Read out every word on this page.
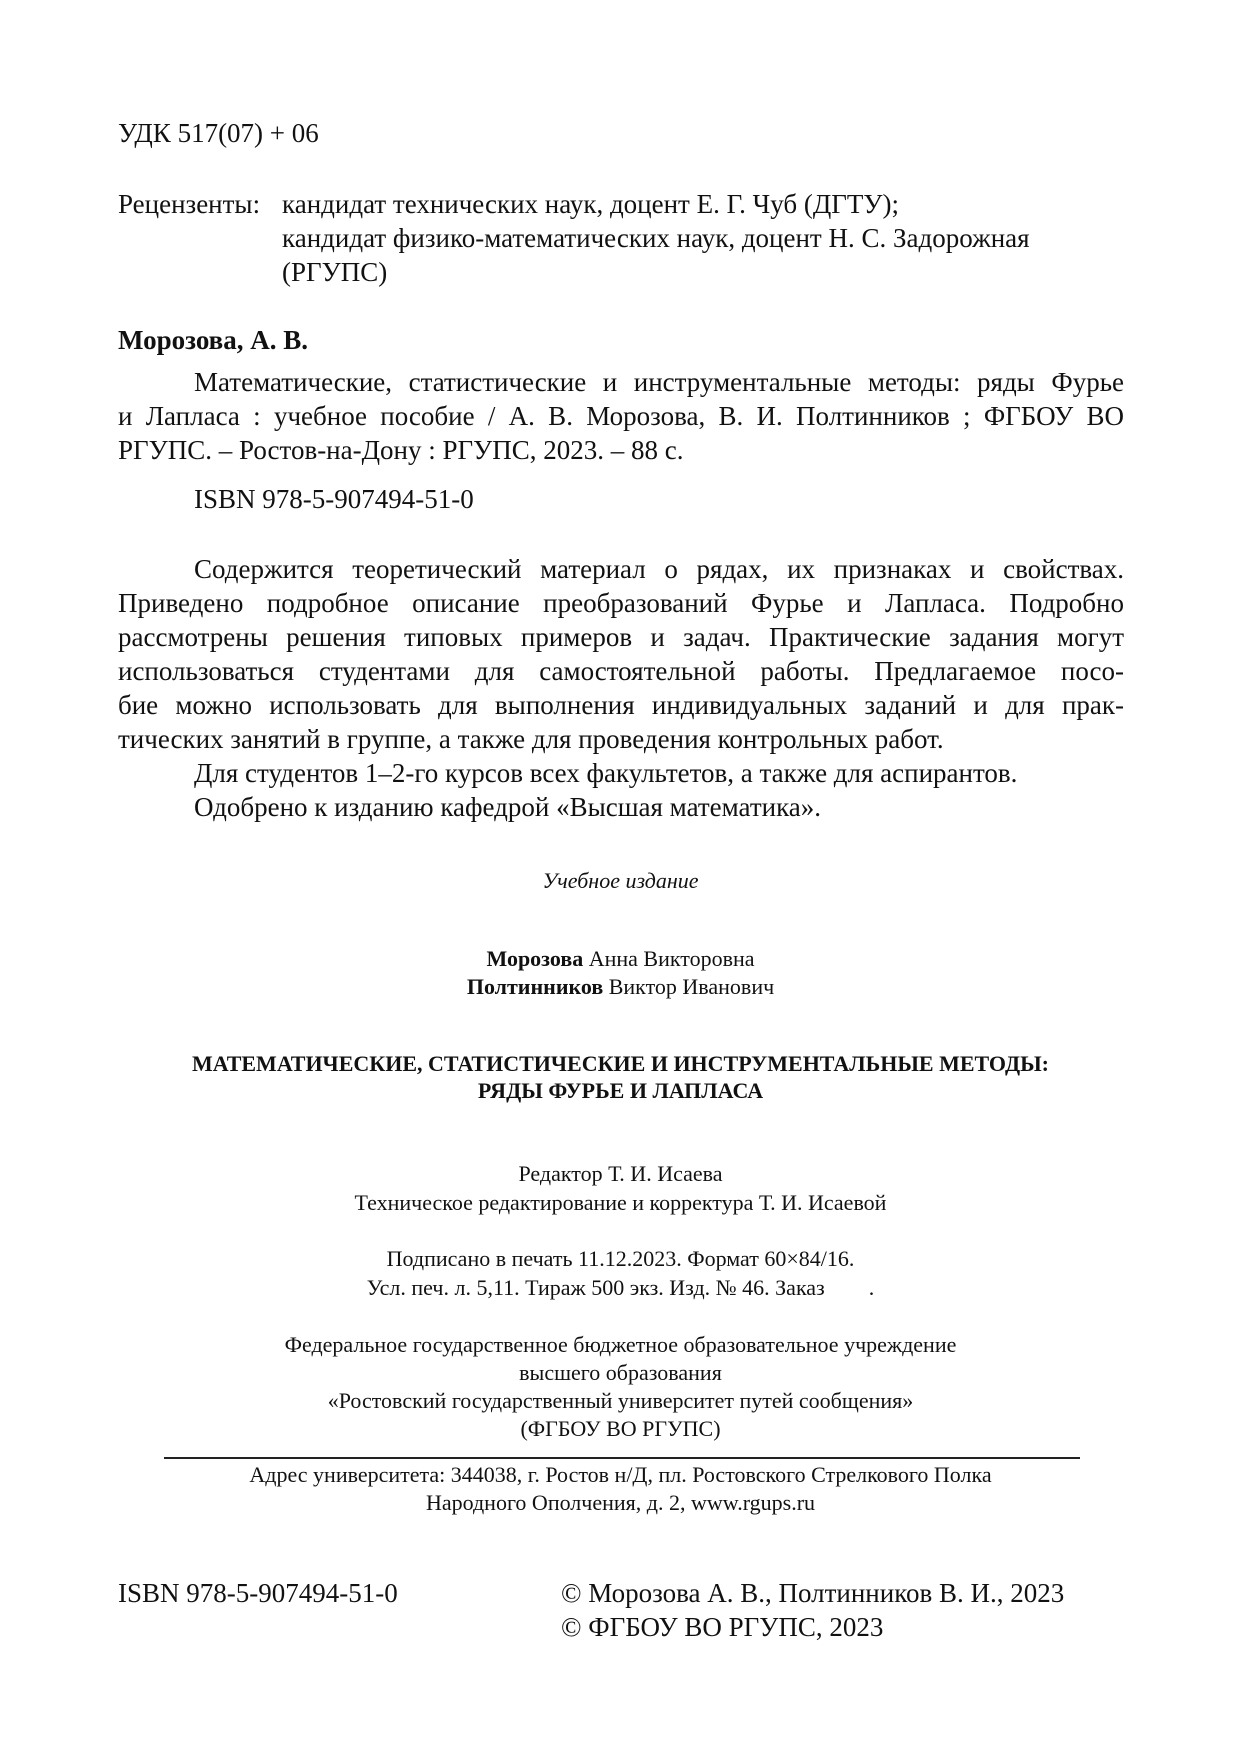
УДК 517(07) + 06
Рецензенты: кандидат технических наук, доцент Е. Г. Чуб (ДГТУ);
кандидат физико-математических наук, доцент Н. С. Задорожная
(РГУПС)
Морозова, А. В.
Математические, статистические и инструментальные методы: ряды Фурье
и Лапласа : учебное пособие / А. В. Морозова, В. И. Полтинников ; ФГБОУ ВО
РГУПС. – Ростов-на-Дону : РГУПС, 2023. – 88 с.
ISBN 978-5-907494-51-0
Содержится теоретический материал о рядах, их признаках и свойствах.
Приведено подробное описание преобразований Фурье и Лапласа. Подробно
рассмотрены решения типовых примеров и задач. Практические задания могут
использоваться студентами для самостоятельной работы. Предлагаемое посо-
бие можно использовать для выполнения индивидуальных заданий и для прак-
тических занятий в группе, а также для проведения контрольных работ.
Для студентов 1–2-го курсов всех факультетов, а также для аспирантов.
Одобрено к изданию кафедрой «Высшая математика».
Учебное издание
Морозова Анна Викторовна
Полтинников Виктор Иванович
МАТЕМАТИЧЕСКИЕ, СТАТИСТИЧЕСКИЕ И ИНСТРУМЕНТАЛЬНЫЕ МЕТОДЫ:
РЯДЫ ФУРЬЕ И ЛАПЛАСА
Редактор Т. И. Исаева
Техническое редактирование и корректура Т. И. Исаевой
Подписано в печать 11.12.2023. Формат 60×84/16.
Усл. печ. л. 5,11. Тираж 500 экз. Изд. № 46. Заказ        .
Федеральное государственное бюджетное образовательное учреждение
высшего образования
«Ростовский государственный университет путей сообщения»
(ФГБОУ ВО РГУПС)
Адрес университета: 344038, г. Ростов н/Д, пл. Ростовского Стрелкового Полка
Народного Ополчения, д. 2, www.rgups.ru
ISBN 978-5-907494-51-0	© Морозова А. В., Полтинников В. И., 2023
© ФГБОУ ВО РГУПС, 2023
